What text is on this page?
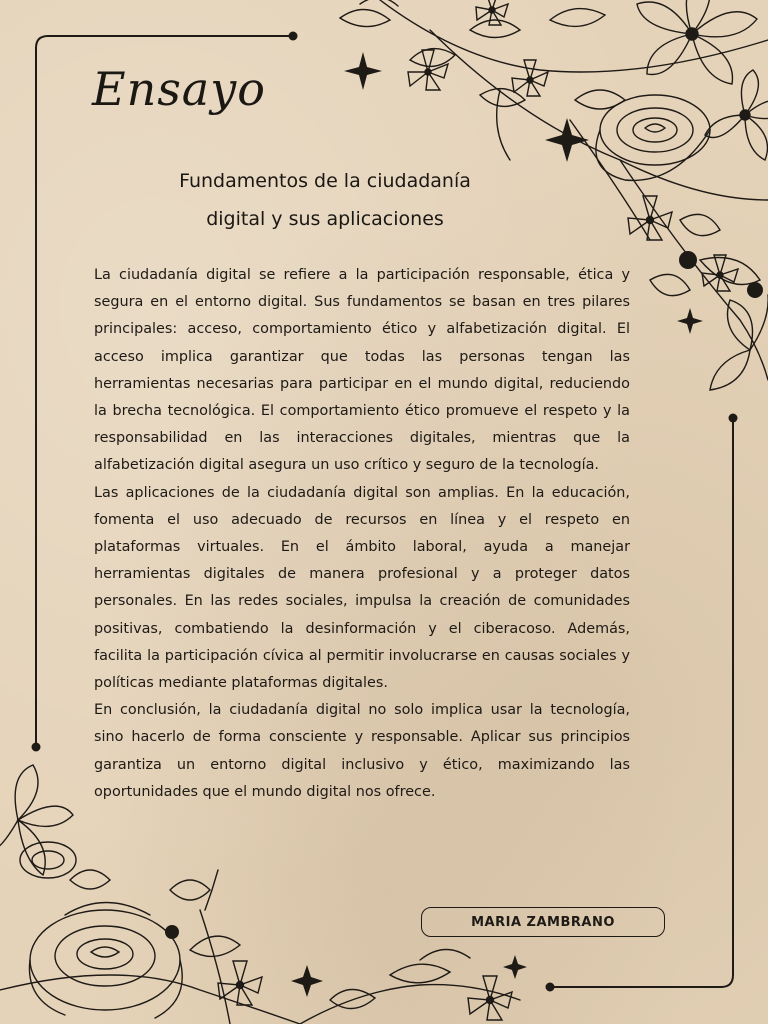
Ensayo
Fundamentos de la ciudadanía
digital y sus aplicaciones

La ciudadanía digital se refiere a la participación responsable, ética y segura en el entorno digital. Sus fundamentos se basan en tres pilares principales: acceso, comportamiento ético y alfabetización digital. El acceso implica garantizar que todas las personas tengan las herramientas necesarias para participar en el mundo digital, reduciendo la brecha tecnológica. El comportamiento ético promueve el respeto y la responsabilidad en las interacciones digitales, mientras que la alfabetización digital asegura un uso crítico y seguro de la tecnología.

Las aplicaciones de la ciudadanía digital son amplias. En la educación, fomenta el uso adecuado de recursos en línea y el respeto en plataformas virtuales. En el ámbito laboral, ayuda a manejar herramientas digitales de manera profesional y a proteger datos personales. En las redes sociales, impulsa la creación de comunidades positivas, combatiendo la desinformación y el ciberacoso. Además, facilita la participación cívica al permitir involucrarse en causas sociales y políticas mediante plataformas digitales.

En conclusión, la ciudadanía digital no solo implica usar la tecnología, sino hacerlo de forma consciente y responsable. Aplicar sus principios garantiza un entorno digital inclusivo y ético, maximizando las oportunidades que el mundo digital nos ofrece.

MARIA ZAMBRANO
